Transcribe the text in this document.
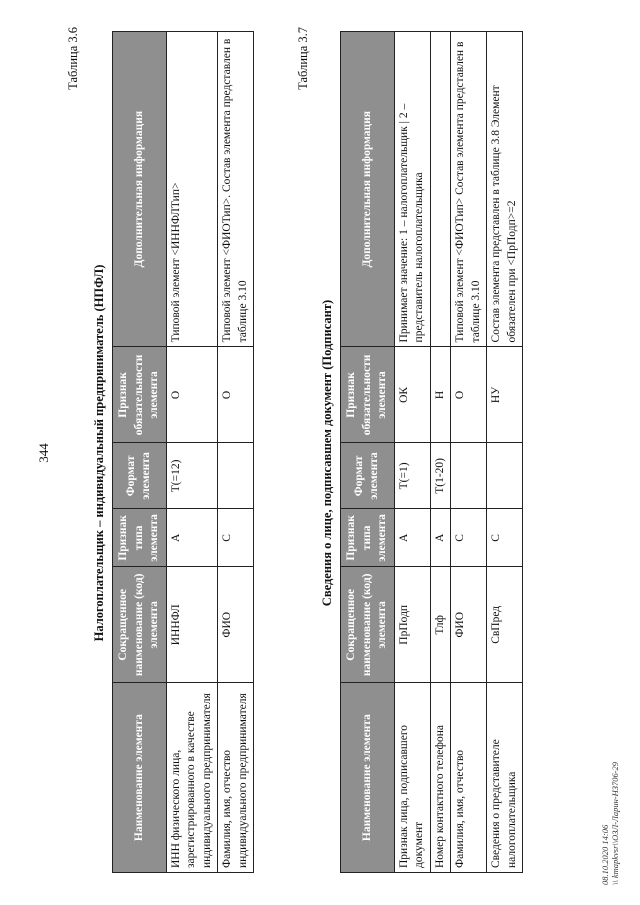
344
Таблица 3.6
Налогоплательщик – индивидуальный предприниматель (НПФЛ)
Наименование элемента	Сокращенное наименование (код) элемента	Признак типа элемента	Формат элемента	Признак обязательности элемента	Дополнительная информация
ИНН физического лица, зарегистрированного в качестве индивидуального предпринимателя	ИННФЛ	А	T(=12)	О	Типовой элемент <ИННФЛТип>
Фамилия, имя, отчество индивидуального предпринимателя	ФИО	С		О	Типовой элемент <ФИОТип>. Состав элемента представлен в таблице 3.10
Таблица 3.7
Сведения о лице, подписавшем документ (Подписант)
Наименование элемента	Сокращенное наименование (код) элемента	Признак типа элемента	Формат элемента	Признак обязательности элемента	Дополнительная информация
Признак лица, подписавшего документ	ПрПодп	А	T(=1)	ОК	Принимает значение: 1 – налогоплательщик | 2 – представитель налогоплательщика
Номер контактного телефона	Тлф	А	T(1-20)	Н	
Фамилия, имя, отчество	ФИО	С		О	Типовой элемент <ФИОТип> Состав элемента представлен в таблице 3.10
Сведения о представителе налогоплательщика	СвПред	С		НУ	Состав элемента представлен в таблице 3.8 Элемент обязателен при <ПрПодп>=2
08.10.2020 14:06 \\ kmapkvsr\\ОЗЛ-Ларин-НЗ706-29
